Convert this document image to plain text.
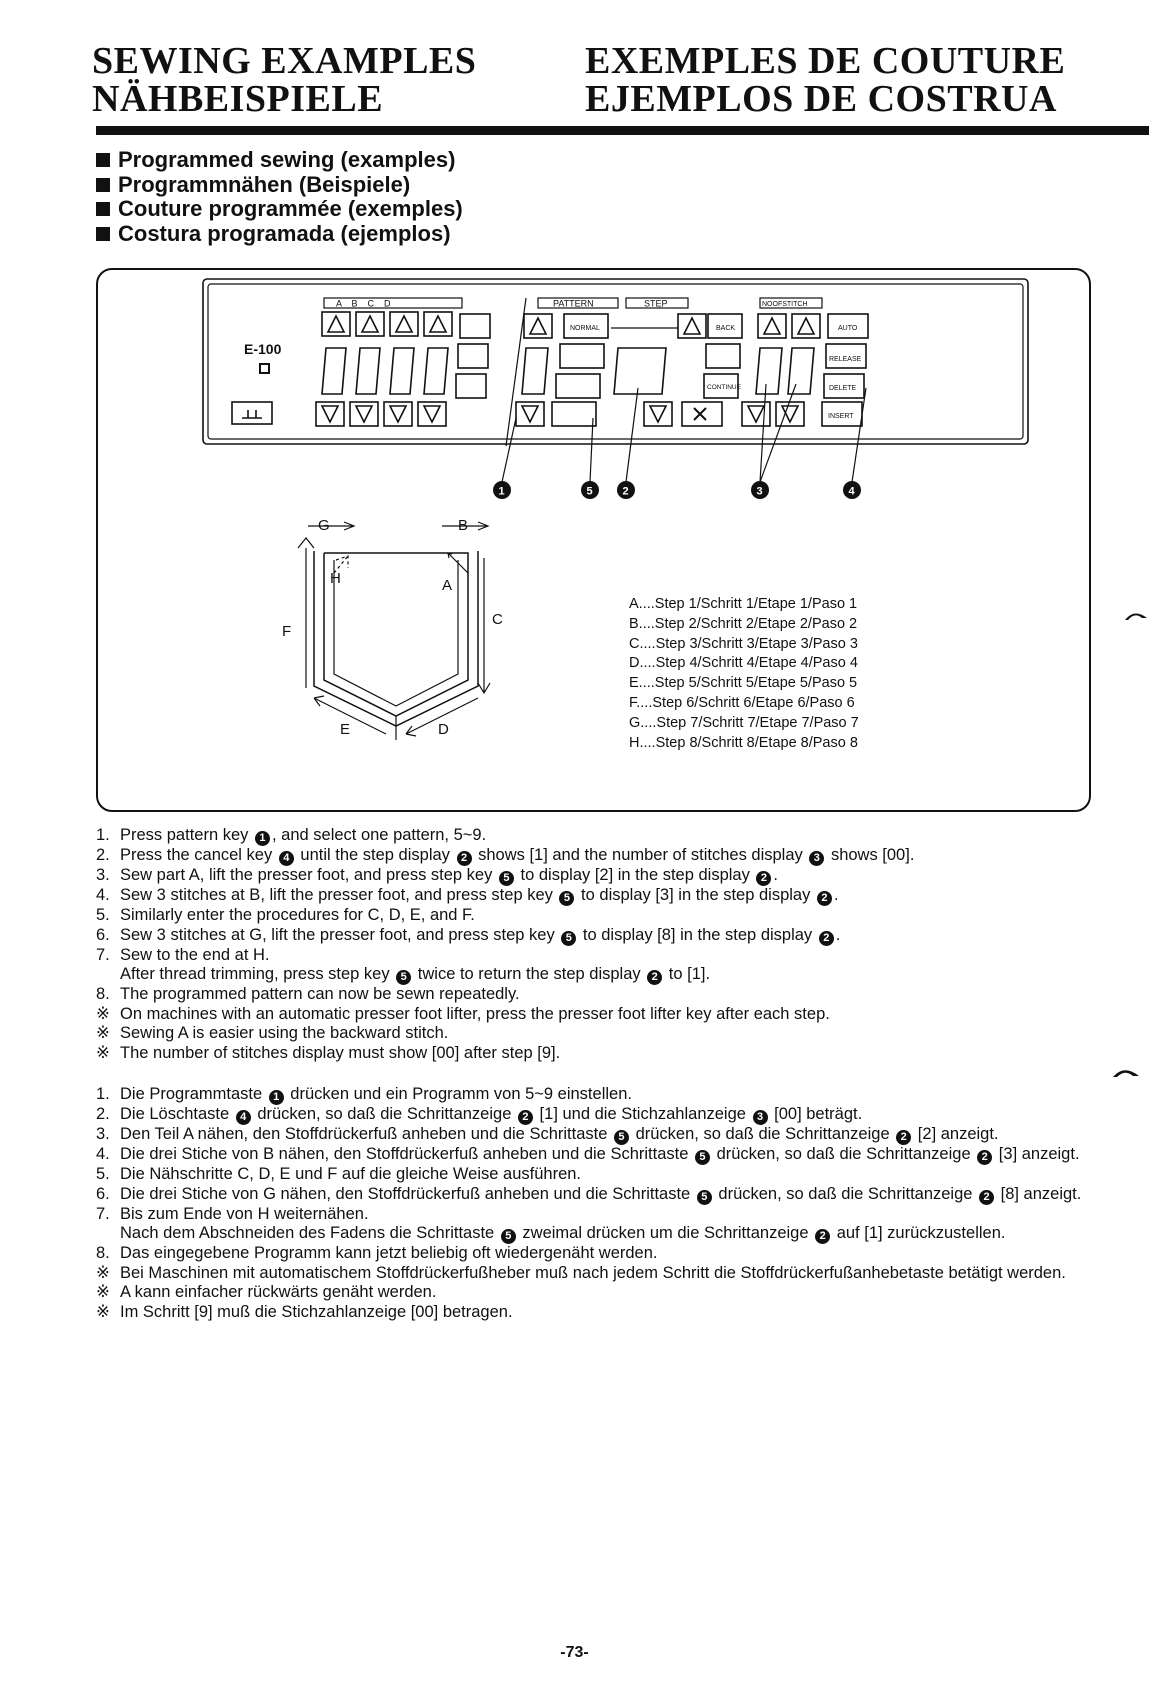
SEWING EXAMPLES
NÄHBEISPIELE
EXEMPLES DE COUTURE
EJEMPLOS DE COSTRUA
Programmed sewing (examples)
Programmnähen (Beispiele)
Couture programmée (exemples)
Costura programada (ejemplos)
E-100
A    B    C    D	PATTERN	STEP
NORMAL	BACK
CONTINUE
NOOFSTITCH
AUTO
RELEASE
DELETE
INSERT
1	5	2	3	4
G	B
H	A
F
C
E	D
A....Step 1/Schritt 1/Etape 1/Paso 1
B....Step 2/Schritt 2/Etape 2/Paso 2
C....Step 3/Schritt 3/Etape 3/Paso 3
D....Step 4/Schritt 4/Etape 4/Paso 4
E....Step 5/Schritt 5/Etape 5/Paso 5
F....Step 6/Schritt 6/Etape 6/Paso 6
G....Step 7/Schritt 7/Etape 7/Paso 7
H....Step 8/Schritt 8/Etape 8/Paso 8
1. Press pattern key 1 , and select one pattern, 5~9.
2. Press the cancel key 4 until the step display 2 shows [1] and the number of stitches display 3 shows [00].
3. Sew part A, lift the presser foot, and press step key 5 to display [2] in the step display 2 .
4. Sew 3 stitches at B, lift the presser foot, and press step key 5 to display [3] in the step display 2 .
5. Similarly enter the procedures for C, D, E, and F.
6. Sew 3 stitches at G, lift the presser foot, and press step key 5 to display [8] in the step display 2 .
7. Sew to the end at H.
After thread trimming, press step key 5 twice to return the step display 2 to [1].
8. The programmed pattern can now be sewn repeatedly.
※ On machines with an automatic presser foot lifter, press the presser foot lifter key after each step.
※ Sewing A is easier using the backward stitch.
※ The number of stitches display must show [00] after step [9].
1. Die Programmtaste 1 drücken und ein Programm von 5~9 einstellen.
2. Die Löschtaste 4 drücken, so daß die Schrittanzeige 2 [1] und die Stichzahlanzeige 3 [00] beträgt.
3. Den Teil A nähen, den Stoffdrückerfuß anheben und die Schrittaste 5 drücken, so daß die Schrittanzeige 2 [2] anzeigt.
4. Die drei Stiche von B nähen, den Stoffdrückerfuß anheben und die Schrittaste 5 drücken, so daß die Schrittanzeige 2 [3] anzeigt.
5. Die Nähschritte C, D, E und F auf die gleiche Weise ausführen.
6. Die drei Stiche von G nähen, den Stoffdrückerfuß anheben und die Schrittaste 5 drücken, so daß die Schrittanzeige 2 [8] anzeigt.
7. Bis zum Ende von H weiternähen.
Nach dem Abschneiden des Fadens die Schrittaste 5 zweimal drücken um die Schrittanzeige 2 auf [1] zurückzustellen.
8. Das eingegebene Programm kann jetzt beliebig oft wiedergenäht werden.
※ Bei Maschinen mit automatischem Stoffdrückerfußheber muß nach jedem Schritt die Stoffdrückerfußanhebetaste betätigt werden.
※ A kann einfacher rückwärts genäht werden.
※ Im Schritt [9] muß die Stichzahlanzeige [00] betragen.
-73-
